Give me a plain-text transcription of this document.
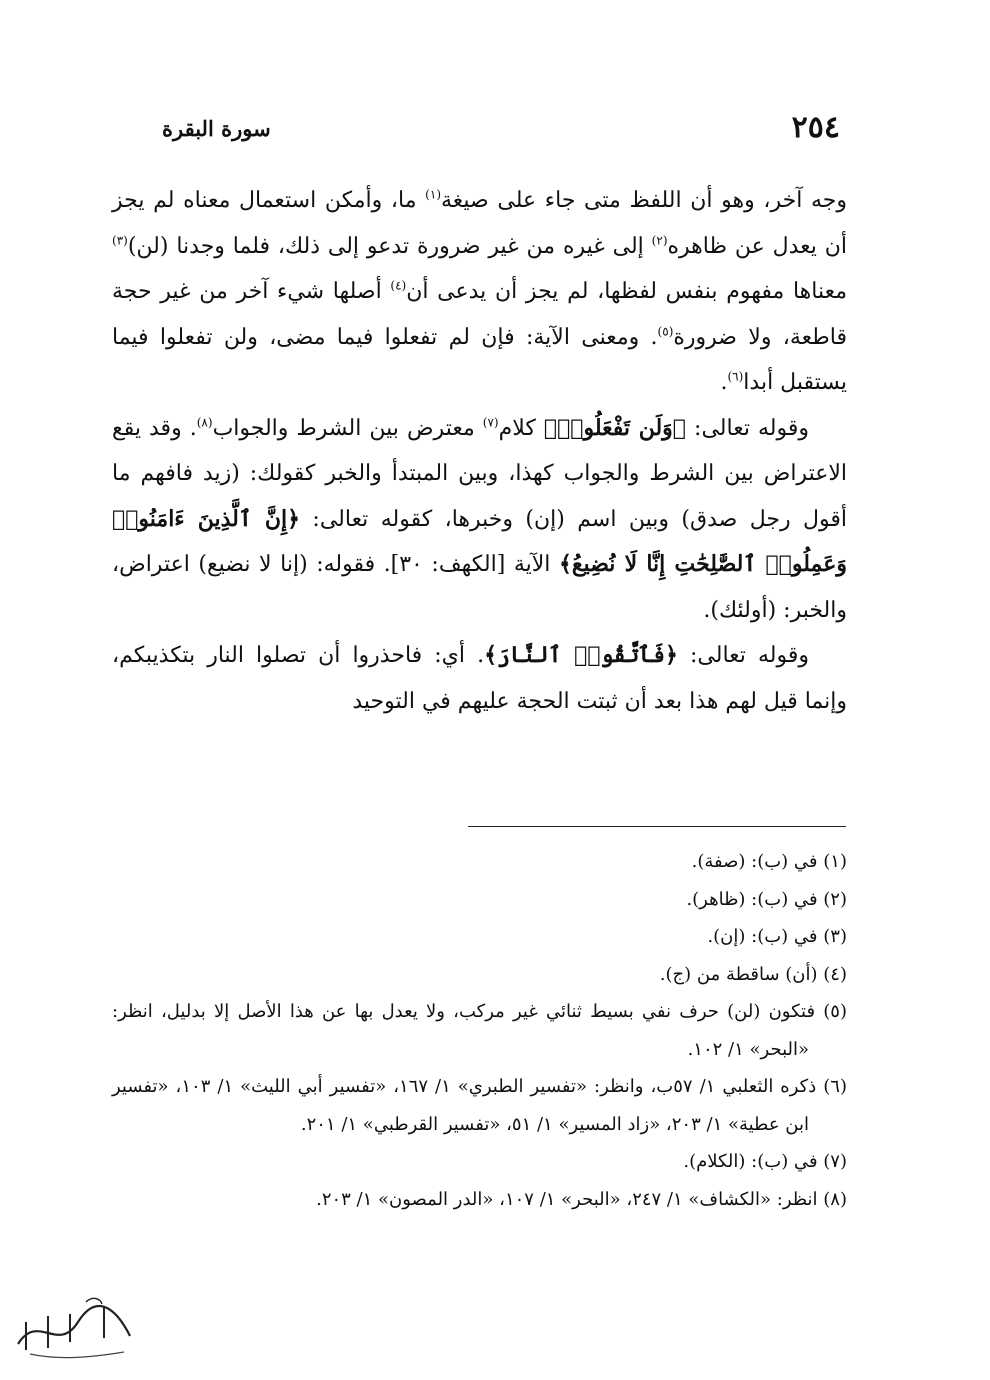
٢٥٤
سورة البقرة

وجه آخر، وهو أن اللفظ متى جاء على صيغة$^{(١)}$ ما، وأمكن استعمال معناه لم يجز أن يعدل عن ظاهره$^{(٢)}$ إلى غيره من غير ضرورة تدعو إلى ذلك، فلما وجدنا (لن)$^{(٣)}$ معناها مفهوم بنفس لفظها، لم يجز أن يدعى أن$^{(٤)}$ أصلها شيء آخر من غير حجة قاطعة، ولا ضرورة$^{(٥)}$. ومعنى الآية: فإن لم تفعلوا فيما مضى، ولن تفعلوا فيما يستقبل أبدا$^{(٦)}$.

وقوله تعالى: ﴿وَلَن تَفْعَلُوا۟﴾ كلام$^{(٧)}$ معترض بين الشرط والجواب$^{(٨)}$. وقد يقع الاعتراض بين الشرط والجواب كهذا، وبين المبتدأ والخبر كقولك: (زيد فافهم ما أقول رجل صدق) وبين اسم (إن) وخبرها، كقوله تعالى: ﴿إِنَّ ٱلَّذِينَ ءَامَنُوا۟ وَعَمِلُوا۟ ٱلصَّٰلِحَٰتِ إِنَّا لَا نُضِيعُ﴾ الآية [الكهف: ٣٠]. فقوله: (إنا لا نضيع) اعتراض، والخبر: (أولئك).

وقوله تعالى: ﴿فَٱتَّقُوا۟ ٱلنَّارَ﴾. أي: فاحذروا أن تصلوا النار بتكذيبكم، وإنما قيل لهم هذا بعد أن ثبتت الحجة عليهم في التوحيد

(١) في (ب): (صفة).

(٢) في (ب): (ظاهر).

(٣) في (ب): (إن).

(٤) (أن) ساقطة من (ج).

(٥) فتكون (لن) حرف نفي بسيط ثنائي غير مركب، ولا يعدل بها عن هذا الأصل إلا بدليل، انظر: «البحر» ١/ ١٠٢.

(٦) ذكره الثعلبي ١/ ٥٧ب، وانظر: «تفسير الطبري» ١/ ١٦٧، «تفسير أبي الليث» ١/ ١٠٣، «تفسير ابن عطية» ١/ ٢٠٣، «زاد المسير» ١/ ٥١، «تفسير القرطبي» ١/ ٢٠١.

(٧) في (ب): (الكلام).

(٨) انظر: «الكشاف» ١/ ٢٤٧، «البحر» ١/ ١٠٧، «الدر المصون» ١/ ٢٠٣.
